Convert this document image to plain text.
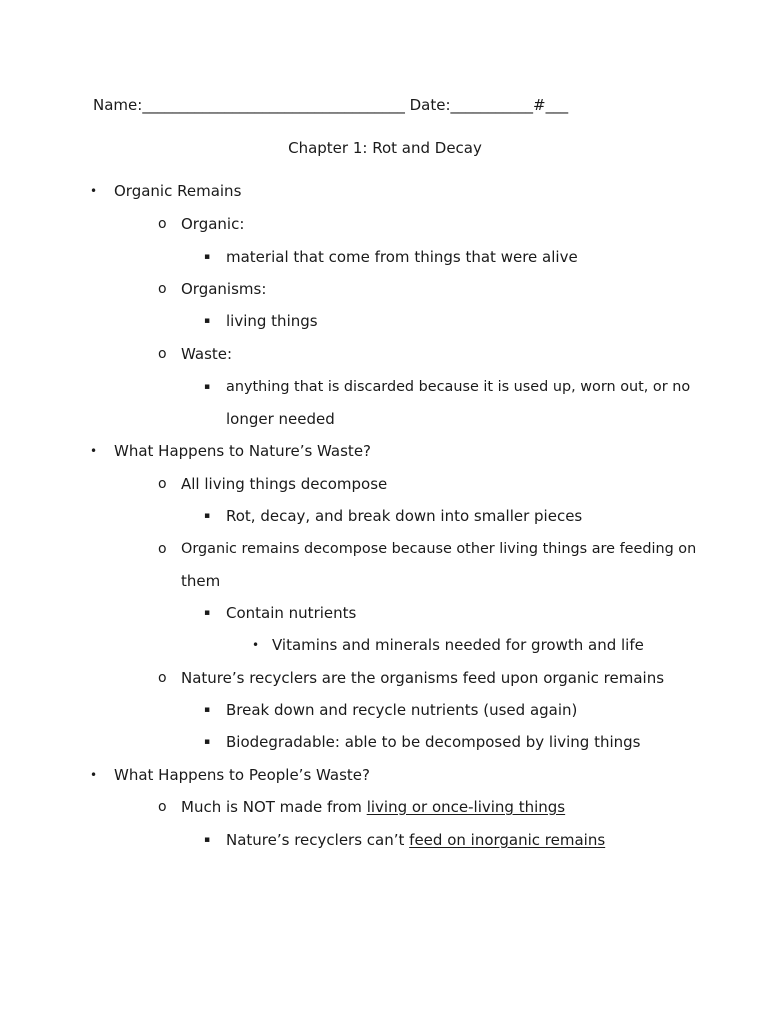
Name:___________________________________ Date:___________#___
Chapter 1: Rot and Decay
• Organic Remains
o Organic:
▪ material that come from things that were alive
o Organisms:
▪ living things
o Waste:
▪ anything that is discarded because it is used up, worn out, or no
longer needed
• What Happens to Nature’s Waste?
o All living things decompose
▪ Rot, decay, and break down into smaller pieces
o Organic remains decompose because other living things are feeding on
them
▪ Contain nutrients
• Vitamins and minerals needed for growth and life
o Nature’s recyclers are the organisms feed upon organic remains
▪ Break down and recycle nutrients (used again)
▪ Biodegradable: able to be decomposed by living things
• What Happens to People’s Waste?
o Much is NOT made from living or once-living things
▪ Nature’s recyclers can’t feed on inorganic remains
